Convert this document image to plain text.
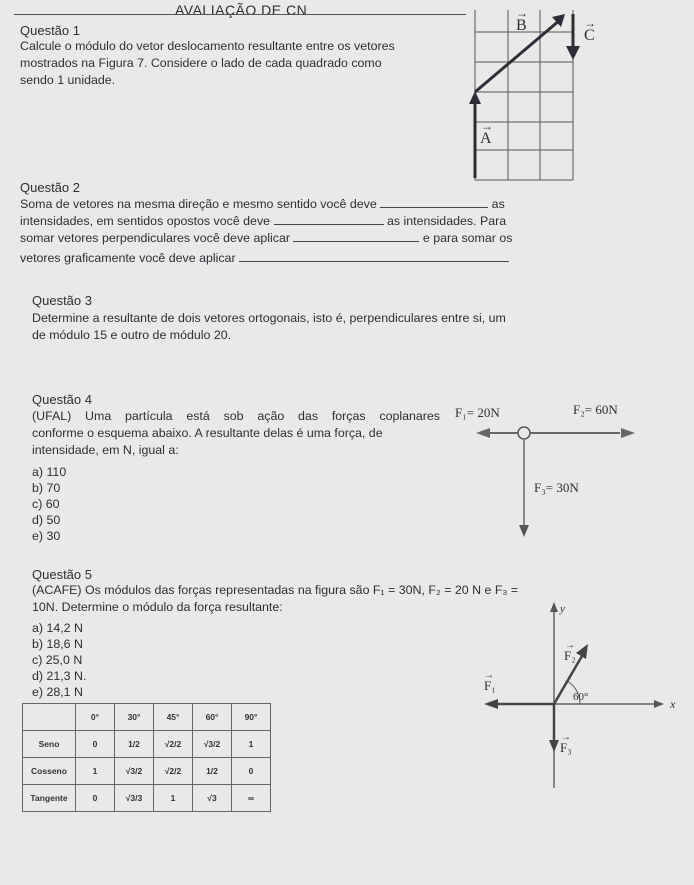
AVALIAÇÃO DE CN
Questão 1
Calcule o módulo do vetor deslocamento resultante entre os vetores
mostrados na Figura 7. Considere o lado de cada quadrado como
sendo 1 unidade.
B
→
C
→
A
→
Questão 2
Soma de vetores na mesma direção e mesmo sentido você deve	as
intensidades, em sentidos opostos você deve	as intensidades. Para
somar vetores perpendiculares você deve aplicar	e para somar os
vetores graficamente você deve aplicar
Questão 3
Determine a resultante de dois vetores ortogonais, isto é, perpendiculares entre si, um
de módulo 15 e outro de módulo 20.
Questão 4
(UFAL) Uma partícula está sob ação das forças coplanares
conforme o esquema abaixo. A resultante delas é uma força, de
intensidade, em N, igual a:
a) 110
b) 70
c) 60
d) 50
e) 30
F₁= 20N	F₂= 60N
F₃= 30N
Questão 5
(ACAFE) Os módulos das forças representadas na figura são F₁ = 30N, F₂ = 20 N e F₃ =
10N. Determine o módulo da força resultante:
a) 14,2 N
b) 18,6 N
c) 25,0 N
d) 21,3 N.
e) 28,1 N
	0°	30°	45°	60°	90°
Seno	0	1/2	√2/2	√3/2	1
Cosseno	1	√3/2	√2/2	1/2	0
Tangente	0	√3/3	1	√3	∞
y
x
F₁
→
F₂
→
60°
F₃
→
